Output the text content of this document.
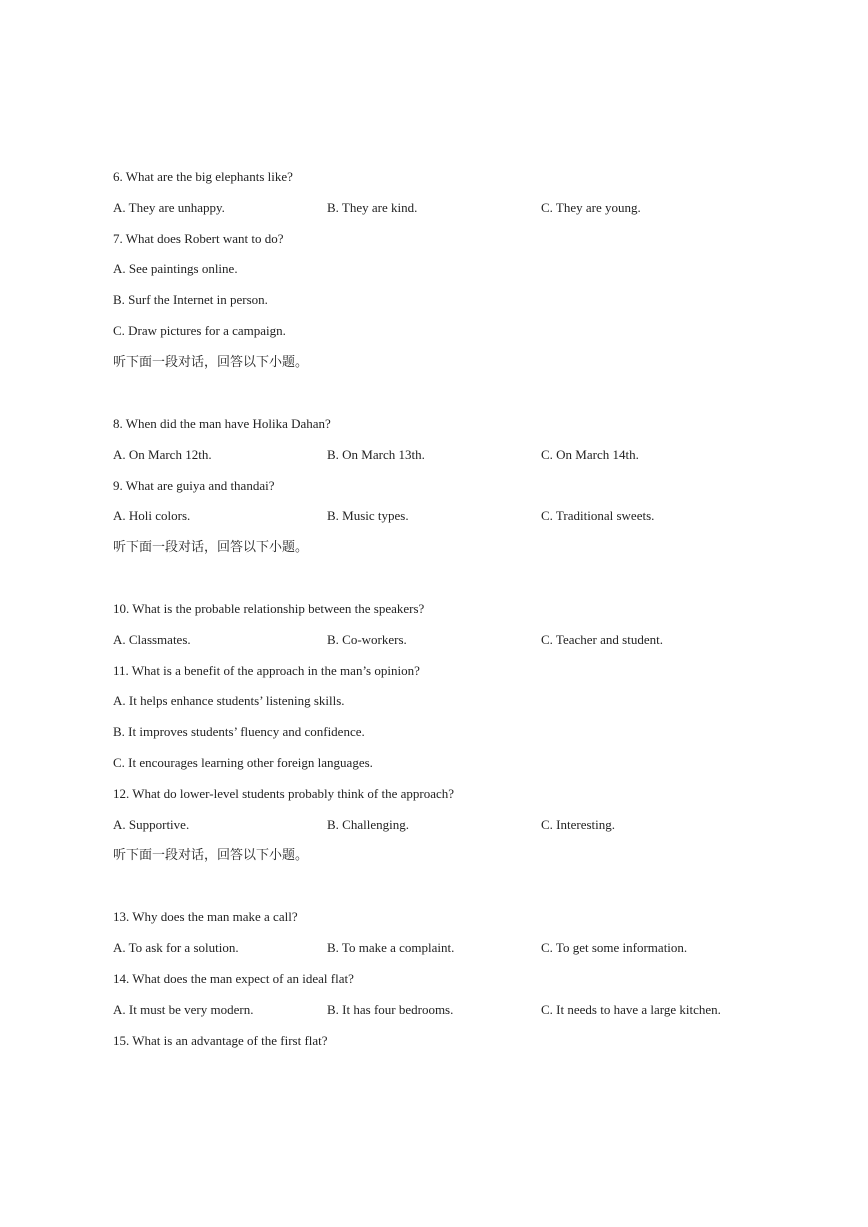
6. What are the big elephants like?
A. They are unhappy.	B. They are kind.	C. They are young.
7. What does Robert want to do?
A. See paintings online.
B. Surf the Internet in person.
C. Draw pictures for a campaign.
听下面一段对话，回答以下小题。
8. When did the man have Holika Dahan?
A. On March 12th.	B. On March 13th.	C. On March 14th.
9. What are guiya and thandai?
A. Holi colors.	B. Music types.	C. Traditional sweets.
听下面一段对话，回答以下小题。
10. What is the probable relationship between the speakers?
A. Classmates.	B. Co-workers.	C. Teacher and student.
11. What is a benefit of the approach in the man’s opinion?
A. It helps enhance students’ listening skills.
B. It improves students’ fluency and confidence.
C. It encourages learning other foreign languages.
12. What do lower-level students probably think of the approach?
A. Supportive.	B. Challenging.	C. Interesting.
听下面一段对话，回答以下小题。
13. Why does the man make a call?
A. To ask for a solution.	B. To make a complaint.	C. To get some information.
14. What does the man expect of an ideal flat?
A. It must be very modern.	B. It has four bedrooms.	C. It needs to have a large kitchen.
15. What is an advantage of the first flat?
